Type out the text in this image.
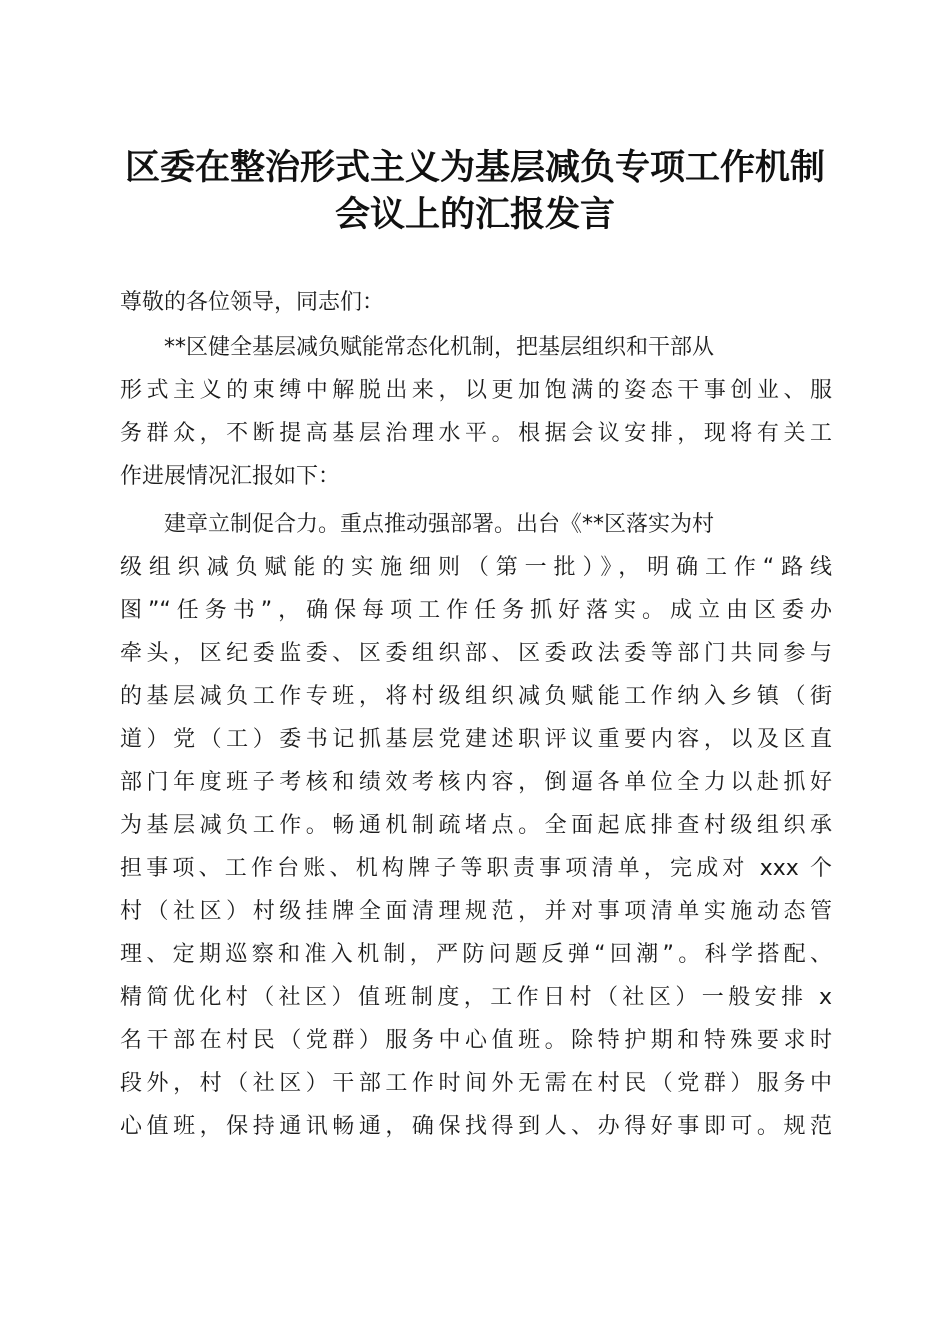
区委在整治形式主义为基层减负专项工作机制
会议上的汇报发言
尊敬的各位领导，同志们：
　　**区健全基层减负赋能常态化机制，把基层组织和干部从
形式主义的束缚中解脱出来，以更加饱满的姿态干事创业、服
务群众，不断提高基层治理水平。根据会议安排，现将有关工
作进展情况汇报如下：
　　建章立制促合力。重点推动强部署。出台《**区落实为村
级组织减负赋能的实施细则（第一批）》，明确工作“路线
图”“任务书”，确保每项工作任务抓好落实。成立由区委办
牵头，区纪委监委、区委组织部、区委政法委等部门共同参与
的基层减负工作专班，将村级组织减负赋能工作纳入乡镇（街
道）党（工）委书记抓基层党建述职评议重要内容，以及区直
部门年度班子考核和绩效考核内容，倒逼各单位全力以赴抓好
为基层减负工作。畅通机制疏堵点。全面起底排查村级组织承
担事项、工作台账、机构牌子等职责事项清单，完成对 xxx 个
村（社区）村级挂牌全面清理规范，并对事项清单实施动态管
理、定期巡察和准入机制，严防问题反弹“回潮”。科学搭配、
精简优化村（社区）值班制度，工作日村（社区）一般安排 x
名干部在村民（党群）服务中心值班。除特护期和特殊要求时
段外，村（社区）干部工作时间外无需在村民（党群）服务中
心值班，保持通讯畅通，确保找得到人、办得好事即可。规范
